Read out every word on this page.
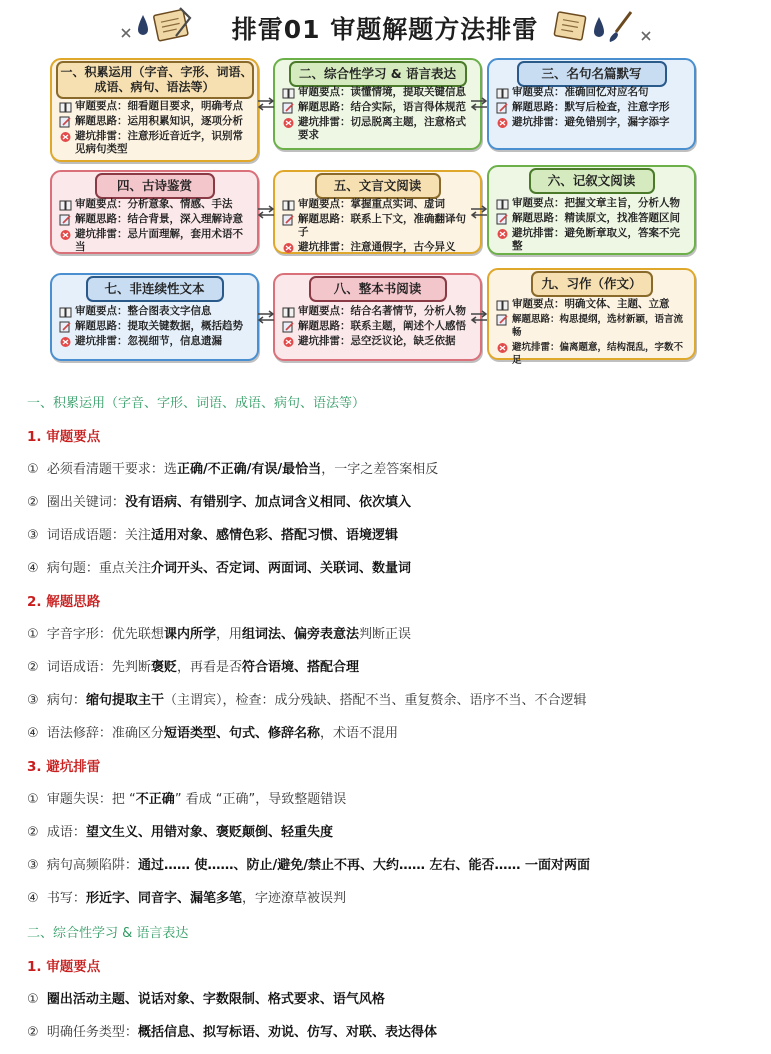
排雷01 审题解题方法排雷
一、积累运用（字音、字形、词语、
成语、病句、语法等）
审题要点：细看题目要求，明确考点
解题思路：运用积累知识，逐项分析
避坑排雷：注意形近音近字，识别常见病句类型
二、综合性学习 & 语言表达
审题要点：读懂情境，提取关键信息
解题思路：结合实际，语言得体规范
避坑排雷：切忌脱离主题，注意格式要求
三、名句名篇默写
审题要点：准确回忆对应名句
解题思路：默写后检查，注意字形
避坑排雷：避免错别字，漏字添字
四、古诗鉴赏
审题要点：分析意象、情感、手法
解题思路：结合背景，深入理解诗意
避坑排雷：忌片面理解，套用术语不当
五、文言文阅读
审题要点：掌握重点实词、虚词
解题思路：联系上下文，准确翻译句子
避坑排雷：注意通假字，古今异义
六、记叙文阅读
审题要点：把握文章主旨，分析人物
解题思路：精读原文，找准答题区间
避坑排雷：避免断章取义，答案不完整
七、非连续性文本
审题要点：整合图表文字信息
解题思路：提取关键数据，概括趋势
避坑排雷：忽视细节，信息遗漏
八、整本书阅读
审题要点：结合名著情节，分析人物
解题思路：联系主题，阐述个人感悟
避坑排雷：忌空泛议论，缺乏依据
九、习作（作文）
审题要点：明确文体、主题、立意
解题思路：构思提纲，选材新颖，语言流畅
避坑排雷：偏离题意，结构混乱，字数不足
一、积累运用（字音、字形、词语、成语、病句、语法等）
1. 审题要点
① 必须看清题干要求：选正确/不正确/有误/最恰当，一字之差答案相反
② 圈出关键词：没有语病、有错别字、加点词含义相同、依次填入
③ 词语成语题：关注适用对象、感情色彩、搭配习惯、语境逻辑
④ 病句题：重点关注介词开头、否定词、两面词、关联词、数量词
2. 解题思路
① 字音字形：优先联想课内所学，用组词法、偏旁表意法判断正误
② 词语成语：先判断褒贬，再看是否符合语境、搭配合理
③ 病句：缩句提取主干（主谓宾），检查：成分残缺、搭配不当、重复赘余、语序不当、不合逻辑
④ 语法修辞：准确区分短语类型、句式、修辞名称，术语不混用
3. 避坑排雷
① 审题失误：把 “不正确” 看成 “正确”，导致整题错误
② 成语：望文生义、用错对象、褒贬颠倒、轻重失度
③ 病句高频陷阱：通过…… 使……、防止/避免/禁止不再、大约…… 左右、能否…… 一面对两面
④ 书写：形近字、同音字、漏笔多笔，字迹潦草被误判
二、综合性学习 & 语言表达
1. 审题要点
① 圈出活动主题、说话对象、字数限制、格式要求、语气风格
② 明确任务类型：概括信息、拟写标语、劝说、仿写、对联、表达得体
